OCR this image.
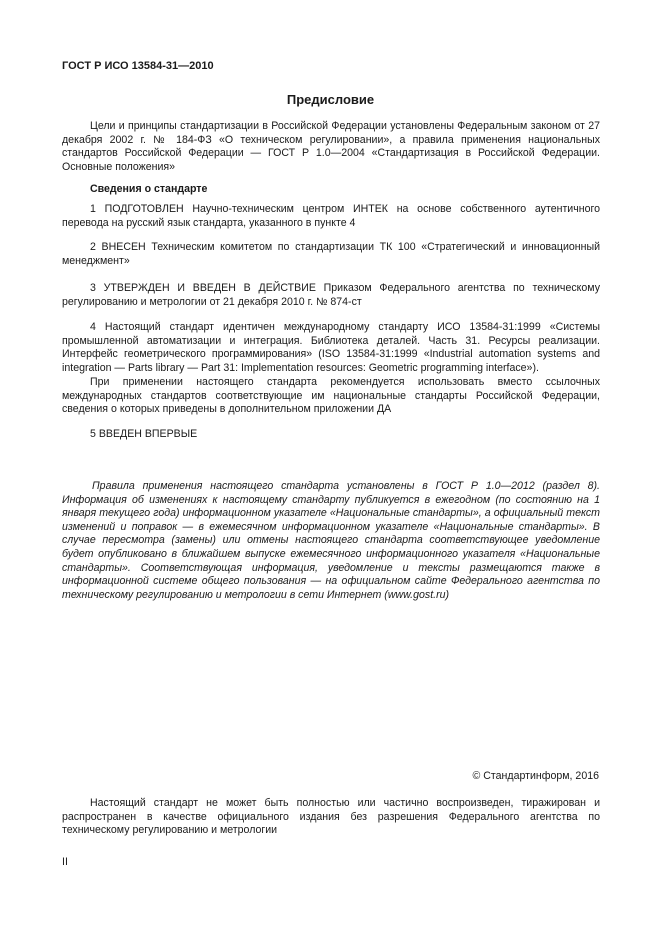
ГОСТ Р ИСО 13584-31—2010
Предисловие

Цели и принципы стандартизации в Российской Федерации установлены Федеральным законом от 27 декабря 2002 г. № 184-ФЗ «О техническом регулировании», а правила применения национальных стандартов Российской Федерации — ГОСТ Р 1.0—2004 «Стандартизация в Российской Федерации. Основные положения»

Сведения о стандарте

1 ПОДГОТОВЛЕН Научно-техническим центром ИНТЕК на основе собственного аутентичного перевода на русский язык стандарта, указанного в пункте 4

2 ВНЕСЕН Техническим комитетом по стандартизации ТК 100 «Стратегический и инновационный менеджмент»

3 УТВЕРЖДЕН И ВВЕДЕН В ДЕЙСТВИЕ Приказом Федерального агентства по техническому регулированию и метрологии от 21 декабря 2010 г. № 874-ст

4 Настоящий стандарт идентичен международному стандарту ИСО 13584-31:1999 «Системы промышленной автоматизации и интеграция. Библиотека деталей. Часть 31. Ресурсы реализации. Интерфейс геометрического программирования» (ISO 13584-31:1999 «Industrial automation systems and integration — Parts library — Part 31: Implementation resources: Geometric programming interface»).

При применении настоящего стандарта рекомендуется использовать вместо ссылочных международных стандартов соответствующие им национальные стандарты Российской Федерации, сведения о которых приведены в дополнительном приложении ДА

5 ВВЕДЕН ВПЕРВЫЕ

Правила применения настоящего стандарта установлены в ГОСТ Р 1.0—2012 (раздел 8). Информация об изменениях к настоящему стандарту публикуется в ежегодном (по состоянию на 1 января текущего года) информационном указателе «Национальные стандарты», а официальный текст изменений и поправок — в ежемесячном информационном указателе «Национальные стандарты». В случае пересмотра (замены) или отмены настоящего стандарта соответствующее уведомление будет опубликовано в ближайшем выпуске ежемесячного информационного указателя «Национальные стандарты». Соответствующая информация, уведомление и тексты размещаются также в информационной системе общего пользования — на официальном сайте Федерального агентства по техническому регулированию и метрологии в сети Интернет (www.gost.ru)

© Стандартинформ, 2016

Настоящий стандарт не может быть полностью или частично воспроизведен, тиражирован и распространен в качестве официального издания без разрешения Федерального агентства по техническому регулированию и метрологии

II
